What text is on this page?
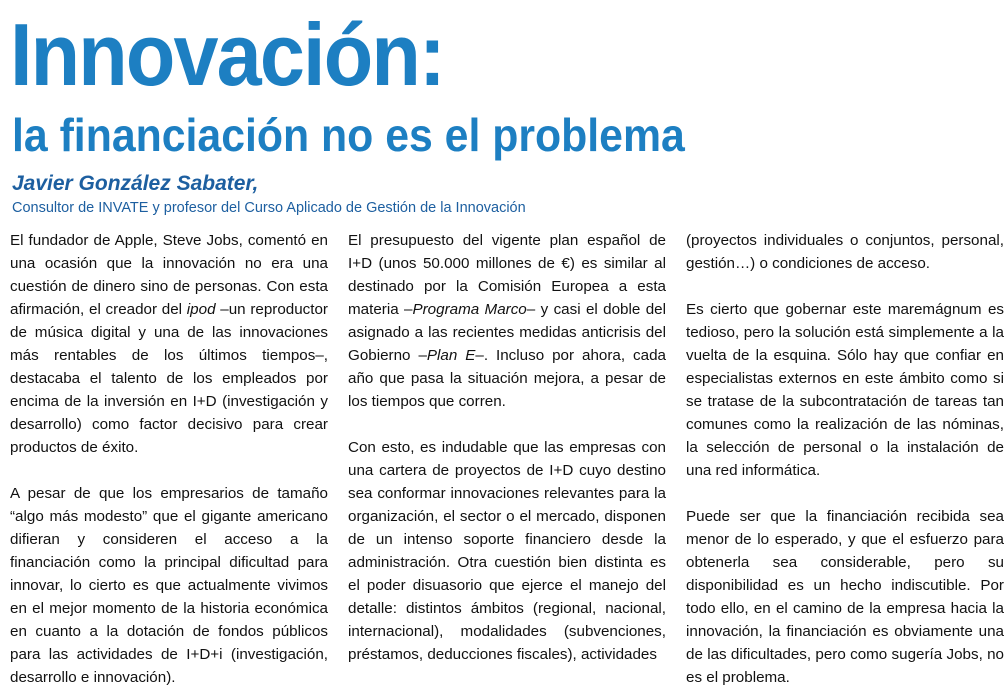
Innovación:
la financiación no es el problema
Javier González Sabater,
Consultor de INVATE y profesor del Curso Aplicado de Gestión de la Innovación

El fundador de Apple, Steve Jobs, comentó en una ocasión que la innovación no era una cuestión de dinero sino de personas. Con esta afirmación, el creador del ipod –un reproductor de música digital y una de las innovaciones más rentables de los últimos tiempos–, destacaba el talento de los empleados por encima de la inversión en I+D (investigación y desarrollo) como factor decisivo para crear productos de éxito.

A pesar de que los empresarios de tamaño “algo más modesto” que el gigante americano difieran y consideren el acceso a la financiación como la principal dificultad para innovar, lo cierto es que actualmente vivimos en el mejor momento de la historia económica en cuanto a la dotación de fondos públicos para las actividades de I+D+i (investigación, desarrollo e innovación).

El presupuesto del vigente plan español de I+D (unos 50.000 millones de €) es similar al destinado por la Comisión Europea a esta materia –Programa Marco– y casi el doble del asignado a las recientes medidas anticrisis del Gobierno –Plan E–. Incluso por ahora, cada año que pasa la situación mejora, a pesar de los tiempos que corren.

Con esto, es indudable que las empresas con una cartera de proyectos de I+D cuyo destino sea conformar innovaciones relevantes para la organización, el sector o el mercado, disponen de un intenso soporte financiero desde la administración. Otra cuestión bien distinta es el poder disuasorio que ejerce el manejo del detalle: distintos ámbitos (regional, nacional, internacional), modalidades (subvenciones, préstamos, deducciones fiscales), actividades

(proyectos individuales o conjuntos, personal, gestión…) o condiciones de acceso.

Es cierto que gobernar este maremágnum es tedioso, pero la solución está simplemente a la vuelta de la esquina. Sólo hay que confiar en especialistas externos en este ámbito como si se tratase de la subcontratación de tareas tan comunes como la realización de las nóminas, la selección de personal o la instalación de una red informática.

Puede ser que la financiación recibida sea menor de lo esperado, y que el esfuerzo para obtenerla sea considerable, pero su disponibilidad es un hecho indiscutible. Por todo ello, en el camino de la empresa hacia la innovación, la financiación es obviamente una de las dificultades, pero como sugería Jobs, no es el problema.
